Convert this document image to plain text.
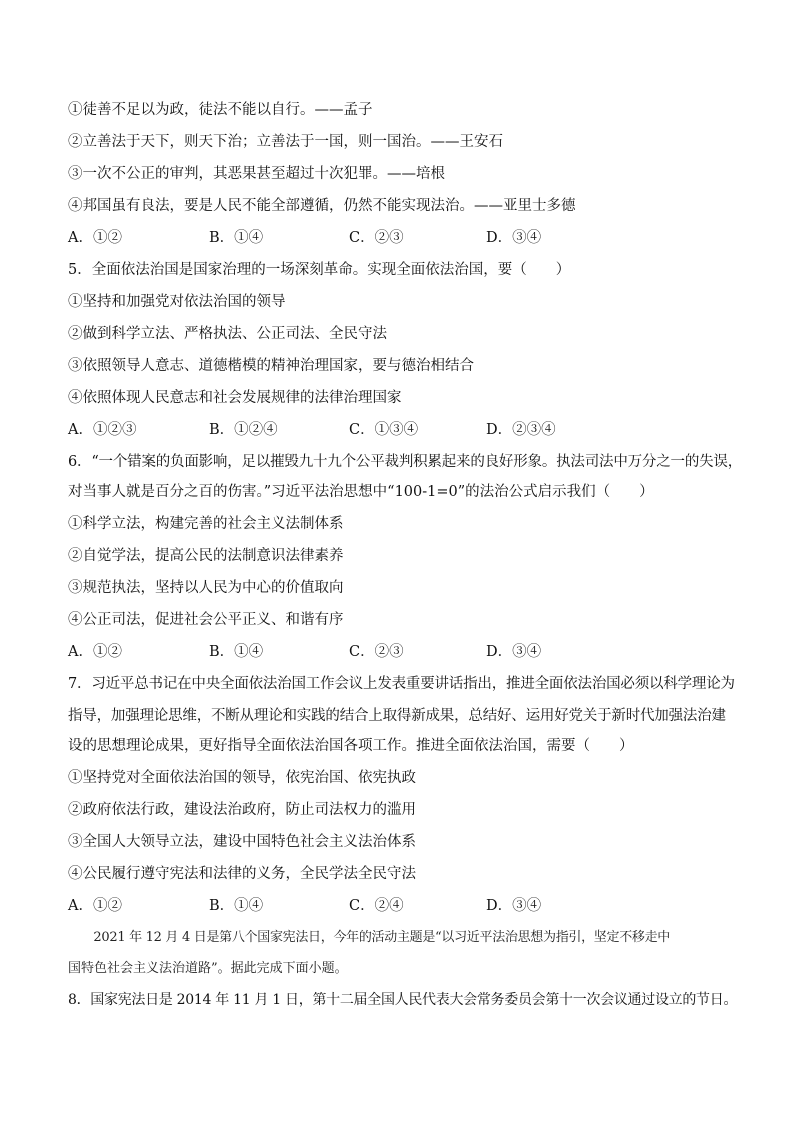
①徒善不足以为政，徒法不能以自行。——孟子
②立善法于天下，则天下治；立善法于一国，则一国治。——王安石
③一次不公正的审判，其恶果甚至超过十次犯罪。——培根
④邦国虽有良法，要是人民不能全部遵循，仍然不能实现法治。——亚里士多德
A．①②	B．①④	C．②③	D．③④
5．全面依法治国是国家治理的一场深刻革命。实现全面依法治国，要（　　）
①坚持和加强党对依法治国的领导
②做到科学立法、严格执法、公正司法、全民守法
③依照领导人意志、道德楷模的精神治理国家，要与德治相结合
④依照体现人民意志和社会发展规律的法律治理国家
A．①②③	B．①②④	C．①③④	D．②③④
6．“一个错案的负面影响，足以摧毁九十九个公平裁判积累起来的良好形象。执法司法中万分之一的失误，
对当事人就是百分之百的伤害。”习近平法治思想中“100-1=0”的法治公式启示我们（　　）
①科学立法，构建完善的社会主义法制体系
②自觉学法，提高公民的法制意识法律素养
③规范执法，坚持以人民为中心的价值取向
④公正司法，促进社会公平正义、和谐有序
A．①②	B．①④	C．②③	D．③④
7．习近平总书记在中央全面依法治国工作会议上发表重要讲话指出，推进全面依法治国必须以科学理论为
指导，加强理论思维，不断从理论和实践的结合上取得新成果，总结好、运用好党关于新时代加强法治建
设的思想理论成果，更好指导全面依法治国各项工作。推进全面依法治国，需要（　　）
①坚持党对全面依法治国的领导，依宪治国、依宪执政
②政府依法行政，建设法治政府，防止司法权力的滥用
③全国人大领导立法，建设中国特色社会主义法治体系
④公民履行遵守宪法和法律的义务，全民学法全民守法
A．①②	B．①④	C．②④	D．③④
　　2021 年 12 月 4 日是第八个国家宪法日，今年的活动主题是“以习近平法治思想为指引，坚定不移走中
国特色社会主义法治道路”。据此完成下面小题。
8．国家宪法日是 2014 年 11 月 1 日，第十二届全国人民代表大会常务委员会第十一次会议通过设立的节日。
